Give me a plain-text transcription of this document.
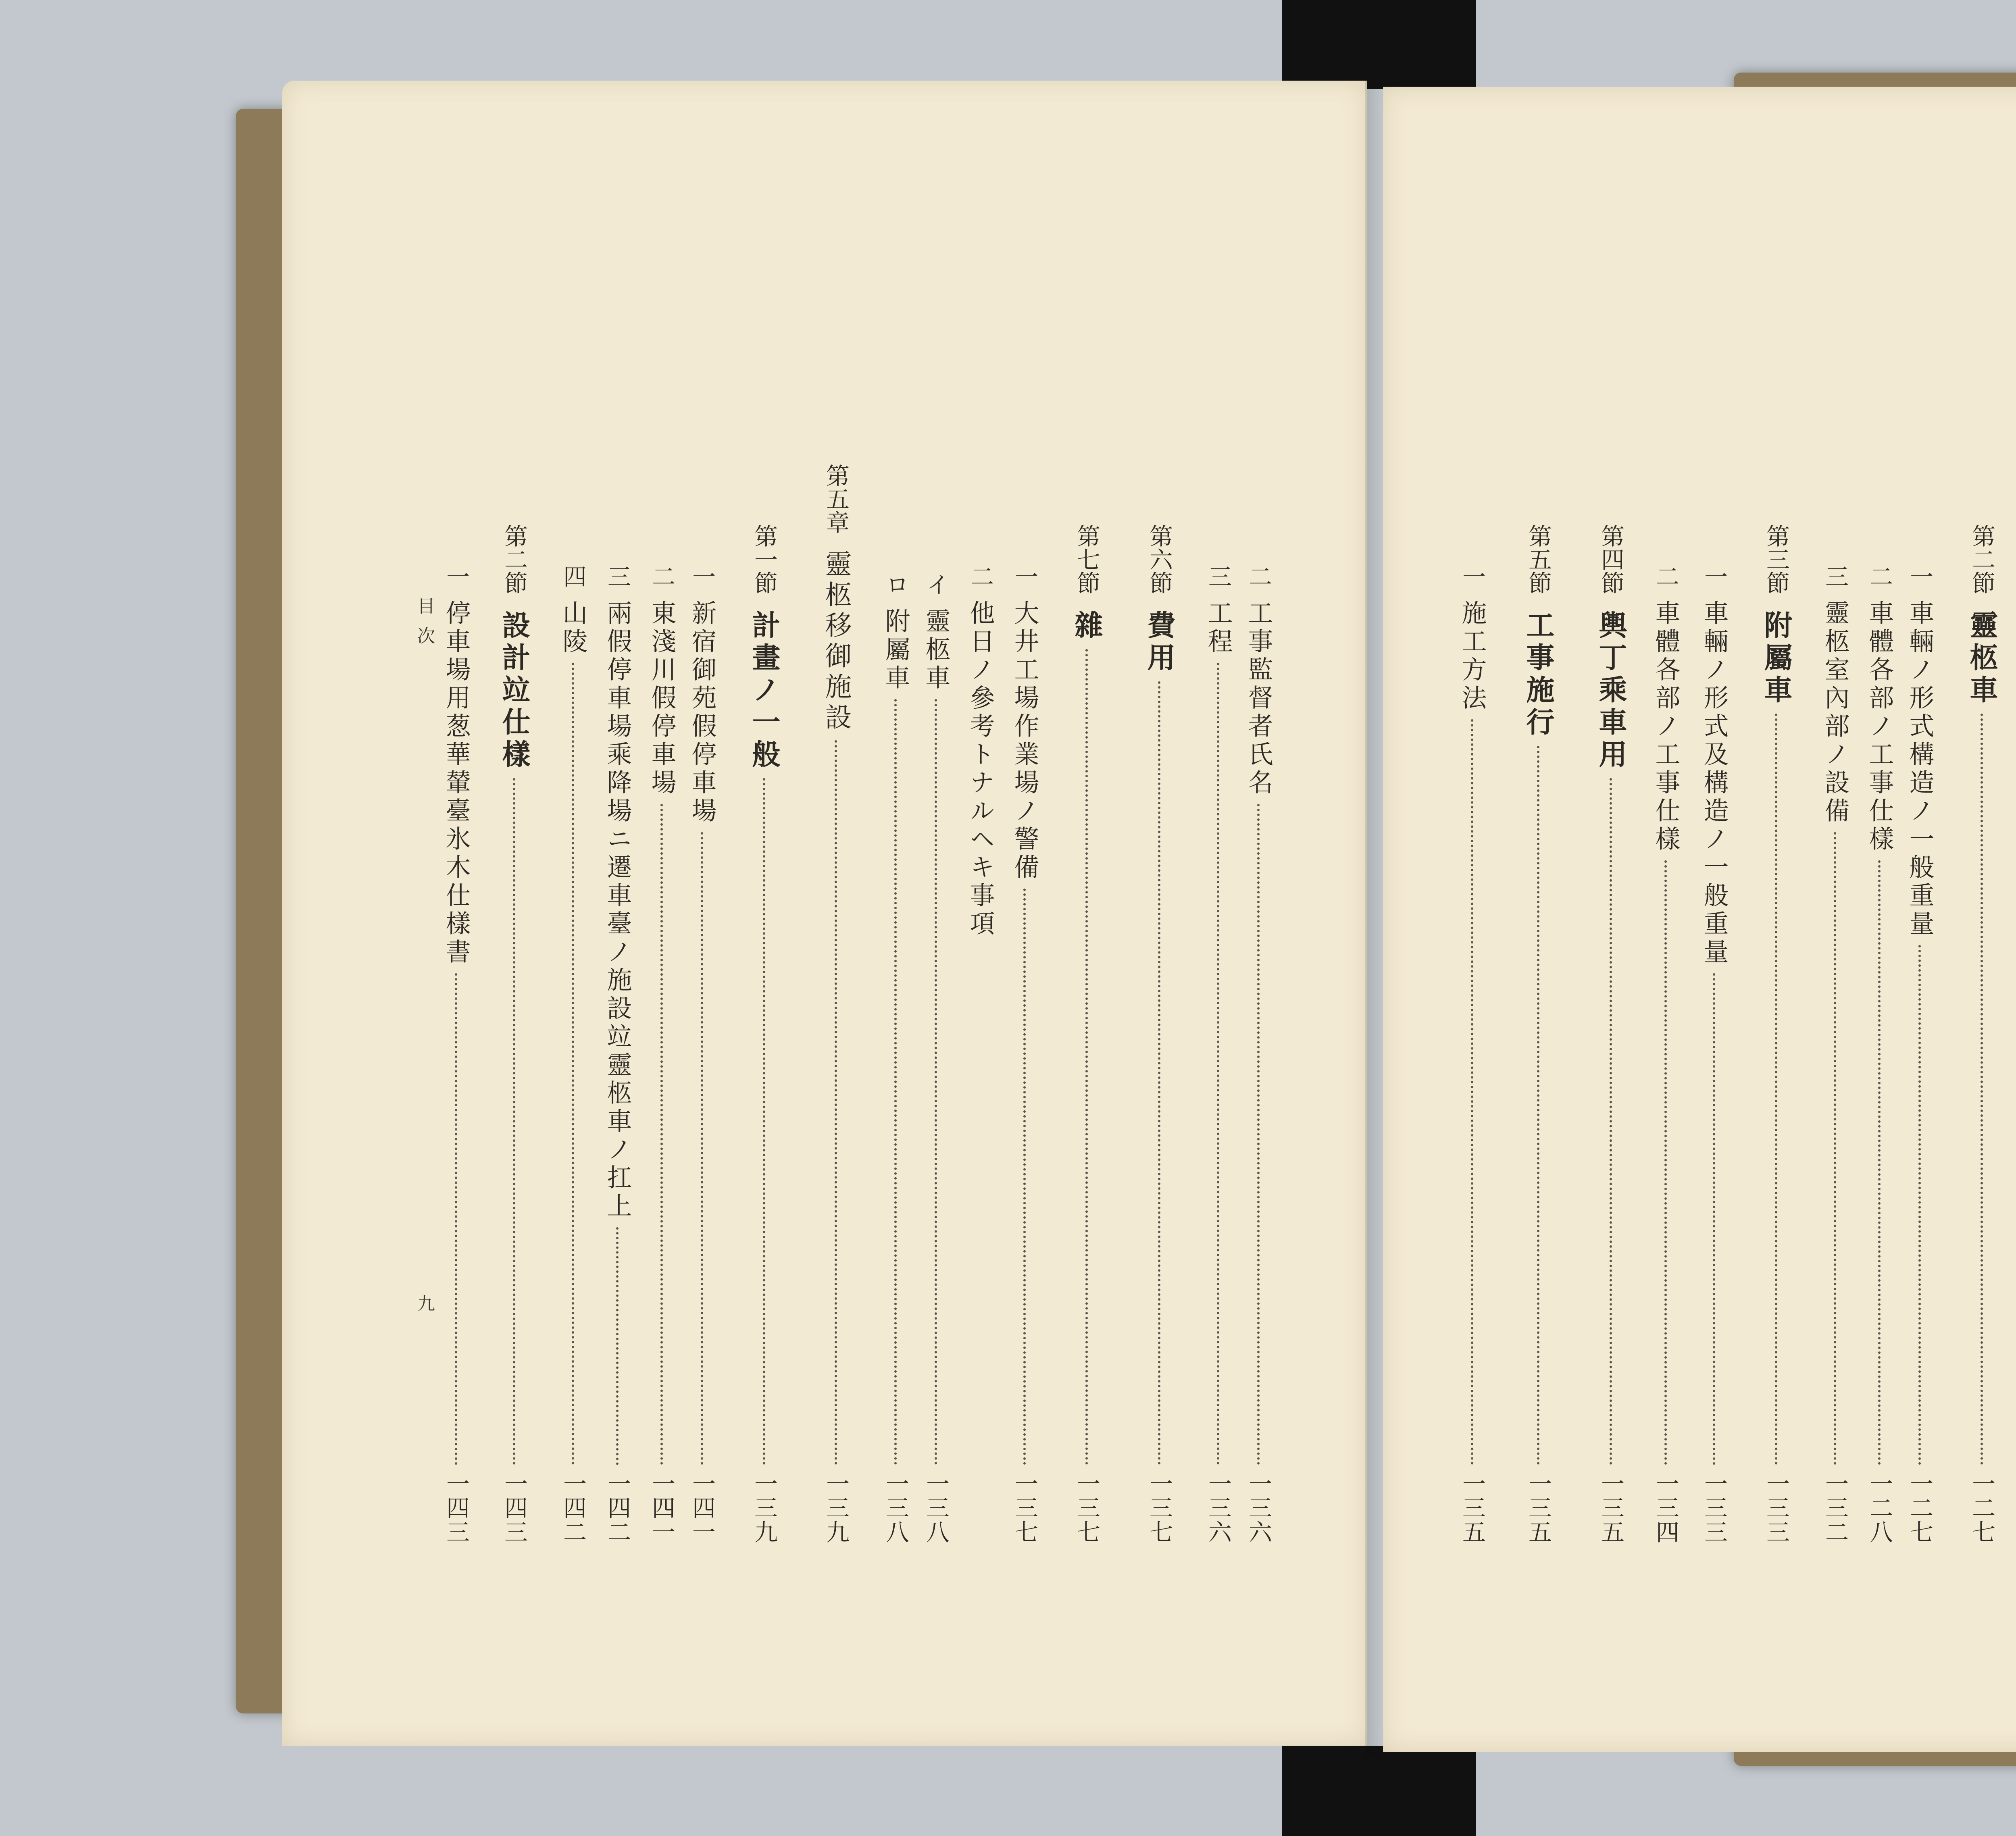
目次
九
第二節
靈柩車
一二七
一
車輛ノ形式構造ノ一般重量
一二七
二
車體各部ノ工事仕樣
一二八
三
靈柩室內部ノ設備
一三二
第三節
附屬車
一三三
一
車輛ノ形式及構造ノ一般重量
一三三
二
車體各部ノ工事仕樣
一三四
第四節
輿丁乘車用
一三五
第五節
工事施行
一三五
一
施工方法
一三五
二
工事監督者氏名
一三六
三
工程
一三六
第六節
費用
一三七
第七節
雜
一三七
一
大井工場作業場ノ警備
一三七
二
他日ノ參考トナルヘキ事項
イ
靈柩車
一三八
ロ
附屬車
一三八
第五章
靈柩移御施設
一三九
第一節
計畫ノ一般
一三九
一
新宿御苑假停車場
一四一
二
東淺川假停車場
一四一
三
兩假停車場乘降場ニ遷車臺ノ施設竝靈柩車ノ扛上
一四二
四
山陵
一四二
第二節
設計竝仕樣
一四三
一
停車場用葱華輦臺氷木仕樣書
一四三
